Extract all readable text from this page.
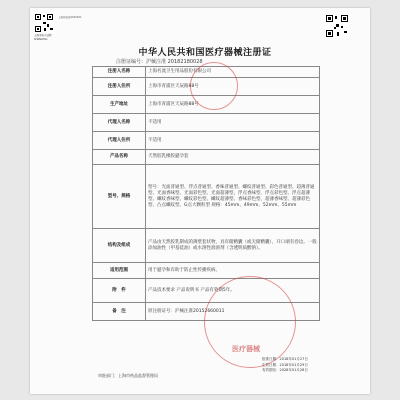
上海药监局2020811
上海市电子证照
SHANGHAI
中华人民共和国医疗器械注册证
注册证编号：沪械注准 20182180028
注册人名称	上海名流卫生用品股份有限公司
注册人住所	上海市青浦区天辰路88号
生产地址	上海市青浦区天辰路88号
代理人名称	不适用
代理人住所	不适用
产品名称	天然胶乳橡胶避孕套
型号、规格	型号：光面普通型、浮点普通型、香味普通型、螺纹普通型、彩色普通型、超薄普通型、光面香味型、光面彩色型、光面超薄型、浮点香味型、浮点彩色型、浮点超薄型、螺纹香味型、螺纹彩色型、螺纹超薄型、香味彩色型、超薄香味型、超薄彩色型、凸点螺纹型、G点大颗粒型 规格：45mm、49mm、52mm、55mm
结构及组成	产品由天然胶乳制成的薄壁套状物，具有储精囊（或无储精囊），开口端有卷边。一般添加油性（甲基硅油）或水溶性润滑剂（含透明质酸钠）。
适用范围	用于避孕和有助于防止性传播疾病。
附　件	产品技术要求 产品说明书 产品有效期5年。
备　注	原注册证号：沪械注准20152660011
医疗器械
审批部门：上海市药品监督管理局
批准日期：2018年01月27日
生效日期：2018年01月29日
有效期至：2028年01月28日
